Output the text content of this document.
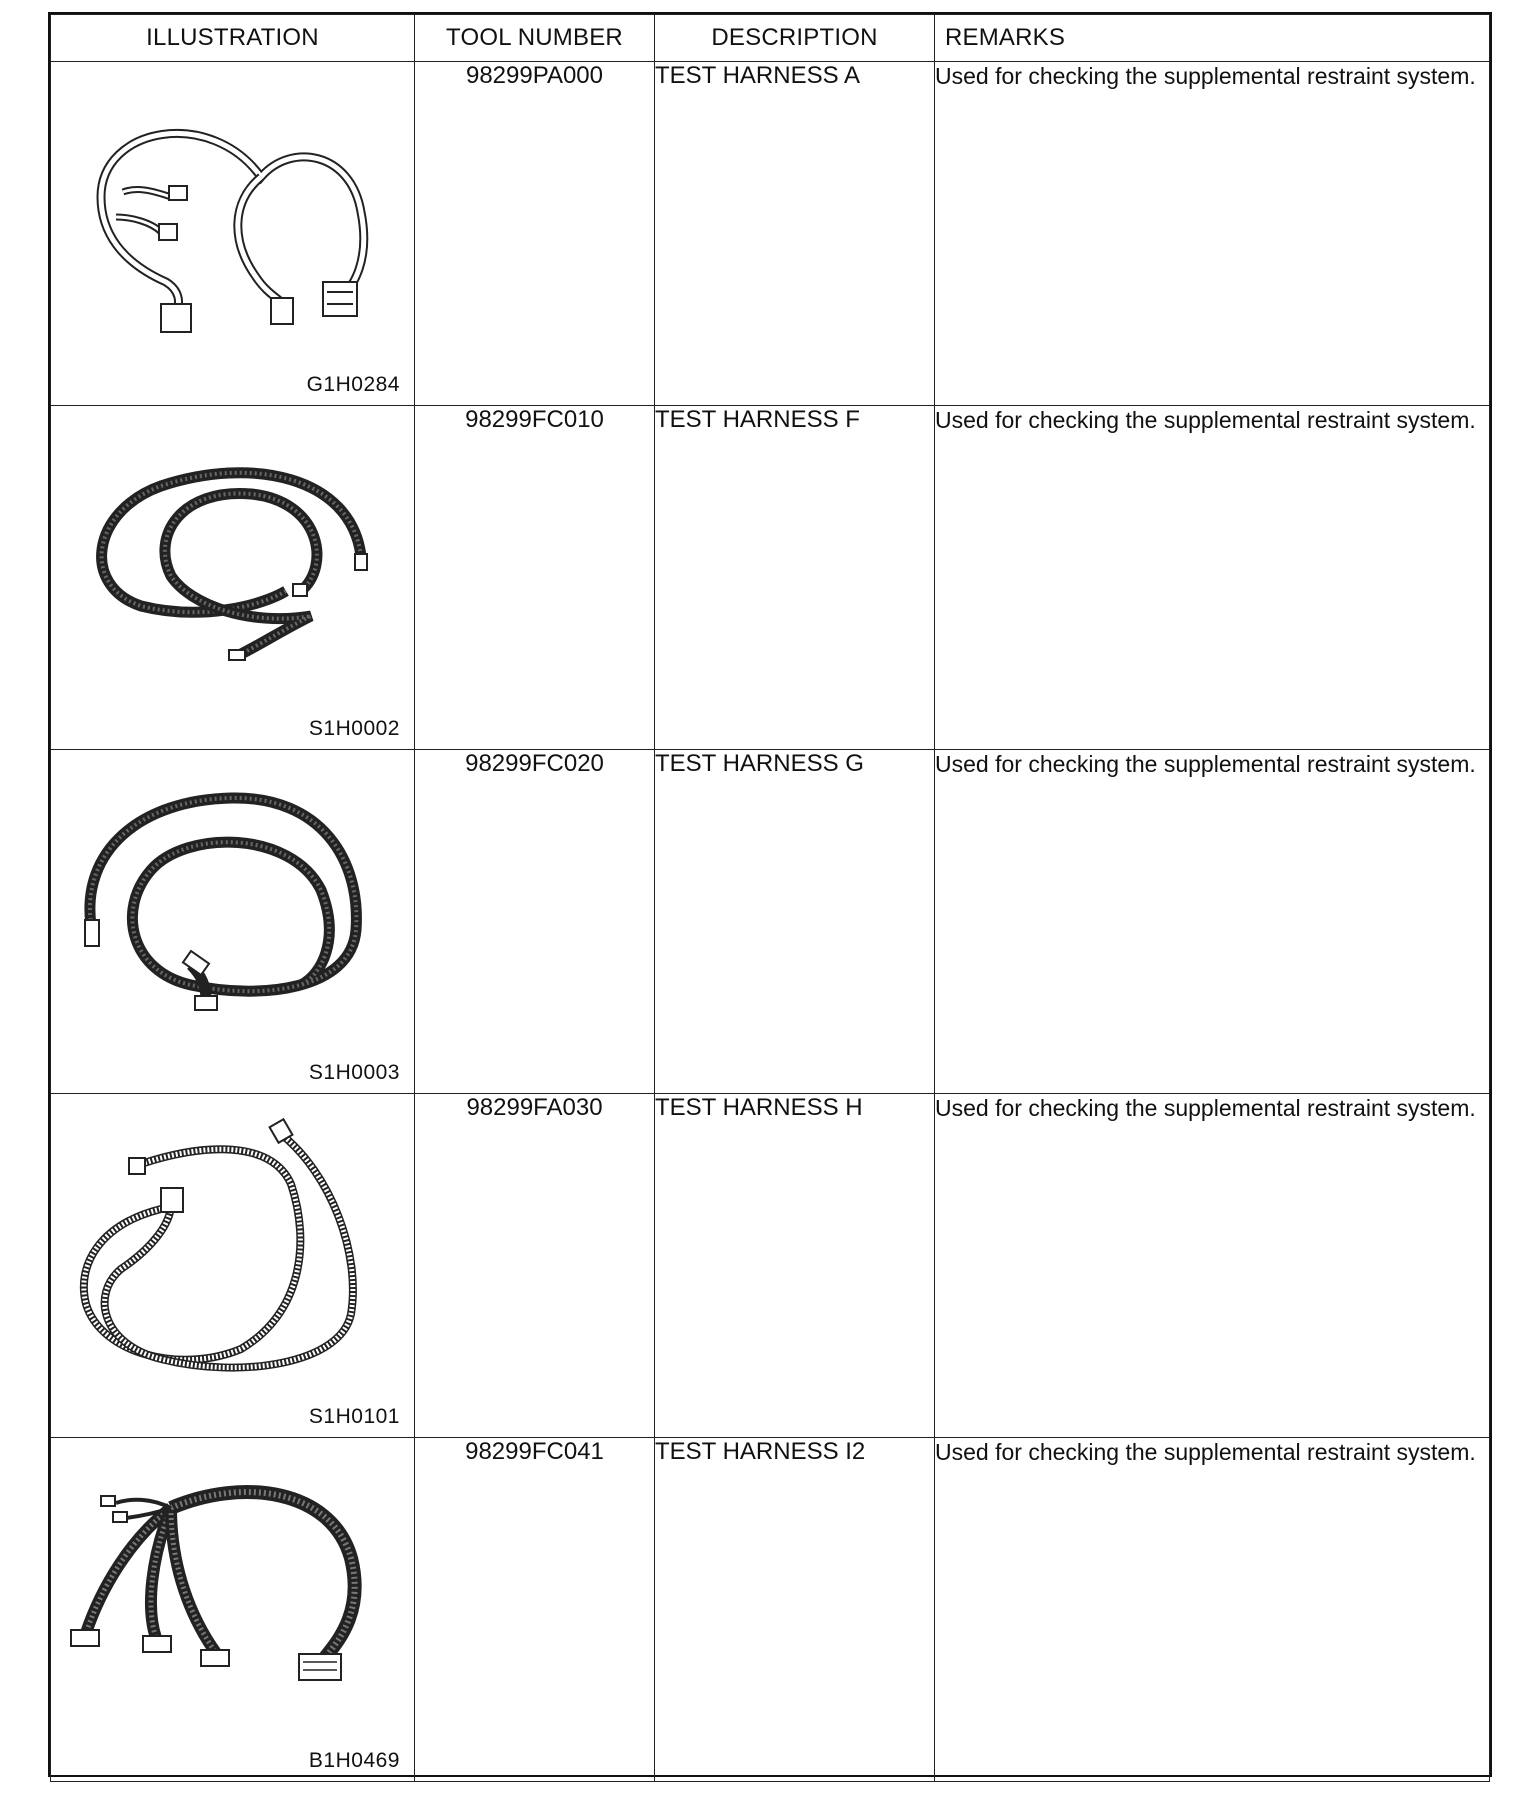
ILLUSTRATION	TOOL NUMBER	DESCRIPTION	REMARKS

G1H0284	98299PA000	TEST HARNESS A	Used for checking the supplemental restraint system.

S1H0002	98299FC010	TEST HARNESS F	Used for checking the supplemental restraint system.

S1H0003	98299FC020	TEST HARNESS G	Used for checking the supplemental restraint system.

S1H0101	98299FA030	TEST HARNESS H	Used for checking the supplemental restraint system.

B1H0469	98299FC041	TEST HARNESS I2	Used for checking the supplemental restraint system.
